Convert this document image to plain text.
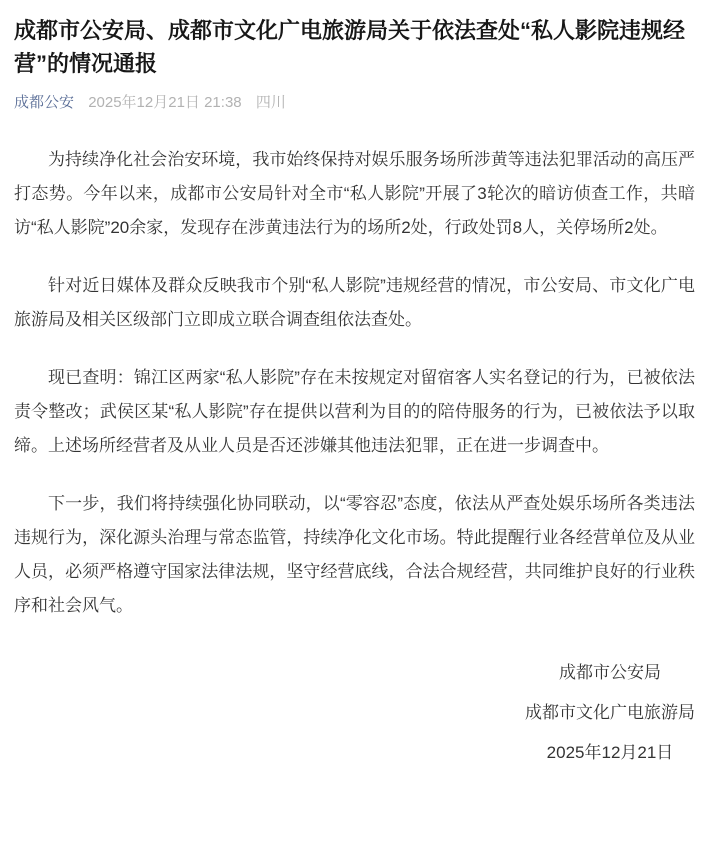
成都市公安局、成都市文化广电旅游局关于依法查处“私人影院违规经营”的情况通报
成都公安 2025年12月21日 21:38 四川

为持续净化社会治安环境，我市始终保持对娱乐服务场所涉黄等违法犯罪活动的高压严打态势。今年以来，成都市公安局针对全市“私人影院”开展了3轮次的暗访侦查工作，共暗访“私人影院”20余家，发现存在涉黄违法行为的场所2处，行政处罚8人，关停场所2处。

针对近日媒体及群众反映我市个别“私人影院”违规经营的情况，市公安局、市文化广电旅游局及相关区级部门立即成立联合调查组依法查处。

现已查明：锦江区两家“私人影院”存在未按规定对留宿客人实名登记的行为，已被依法责令整改；武侯区某“私人影院”存在提供以营利为目的的陪侍服务的行为，已被依法予以取缔。上述场所经营者及从业人员是否还涉嫌其他违法犯罪，正在进一步调查中。

下一步，我们将持续强化协同联动，以“零容忍”态度，依法从严查处娱乐场所各类违法违规行为，深化源头治理与常态监管，持续净化文化市场。特此提醒行业各经营单位及从业人员，必须严格遵守国家法律法规，坚守经营底线，合法合规经营，共同维护良好的行业秩序和社会风气。

成都市公安局
成都市文化广电旅游局
2025年12月21日
